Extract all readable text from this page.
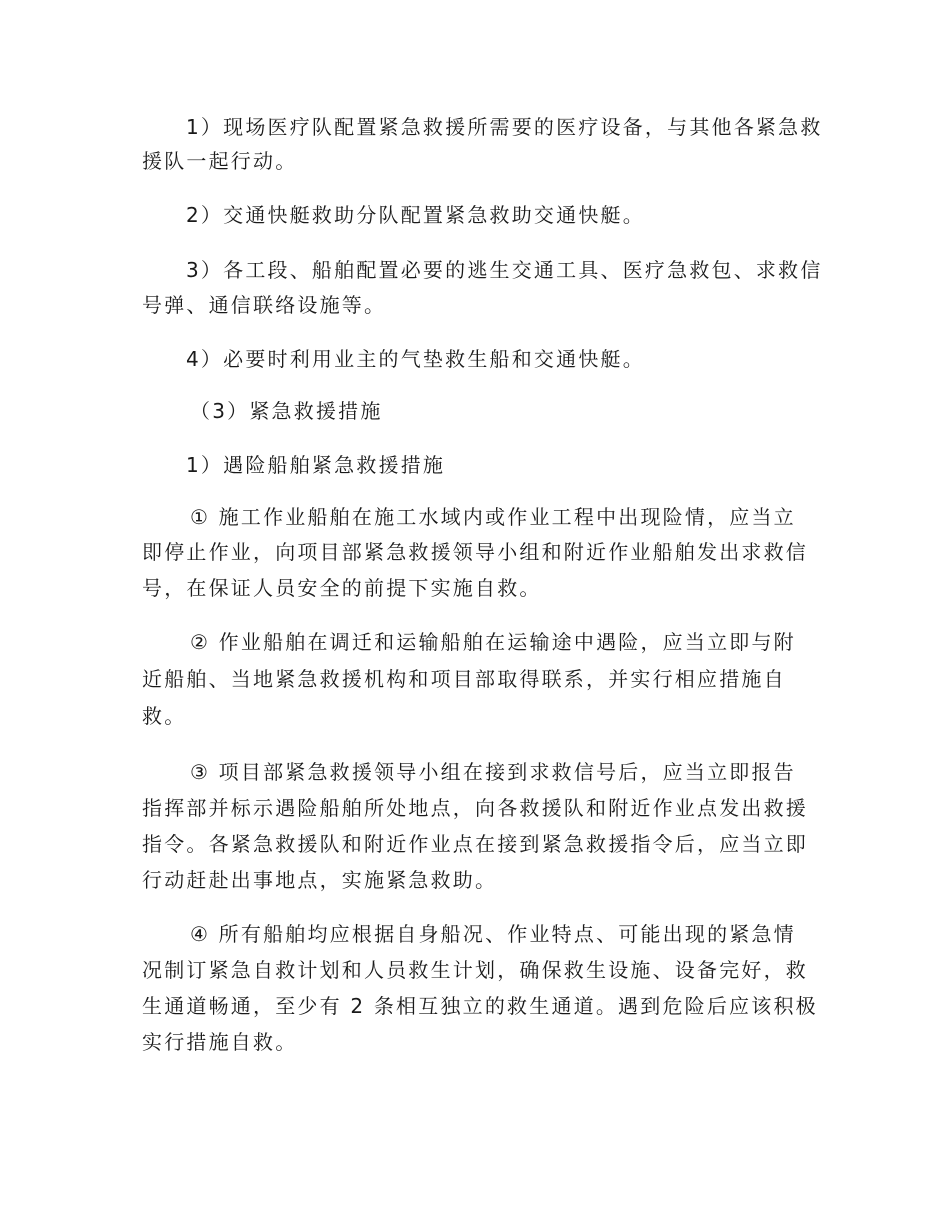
1）现场医疗队配置紧急救援所需要的医疗设备，与其他各紧急救
援队一起行动。
2）交通快艇救助分队配置紧急救助交通快艇。
3）各工段、船舶配置必要的逃生交通工具、医疗急救包、求救信
号弹、通信联络设施等。
4）必要时利用业主的气垫救生船和交通快艇。
（3）紧急救援措施
1）遇险船舶紧急救援措施
① 施工作业船舶在施工水域内或作业工程中出现险情，应当立
即停止作业，向项目部紧急救援领导小组和附近作业船舶发出求救信
号，在保证人员安全的前提下实施自救。
② 作业船舶在调迁和运输船舶在运输途中遇险，应当立即与附
近船舶、当地紧急救援机构和项目部取得联系，并实行相应措施自
救。
③ 项目部紧急救援领导小组在接到求救信号后，应当立即报告
指挥部并标示遇险船舶所处地点，向各救援队和附近作业点发出救援
指令。各紧急救援队和附近作业点在接到紧急救援指令后，应当立即
行动赶赴出事地点，实施紧急救助。
④ 所有船舶均应根据自身船况、作业特点、可能出现的紧急情
况制订紧急自救计划和人员救生计划，确保救生设施、设备完好，救
生通道畅通，至少有 2 条相互独立的救生通道。遇到危险后应该积极
实行措施自救。
